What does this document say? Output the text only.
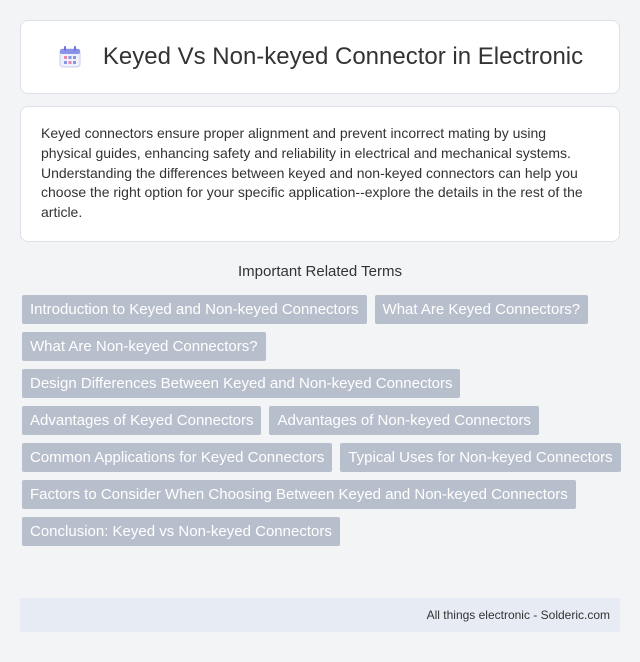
Keyed Vs Non-keyed Connector in Electronic

Keyed connectors ensure proper alignment and prevent incorrect mating by using physical guides, enhancing safety and reliability in electrical and mechanical systems. Understanding the differences between keyed and non-keyed connectors can help you choose the right option for your specific application--explore the details in the rest of the article.

Important Related Terms
Introduction to Keyed and Non-keyed Connectors	What Are Keyed Connectors?
What Are Non-keyed Connectors?
Design Differences Between Keyed and Non-keyed Connectors
Advantages of Keyed Connectors	Advantages of Non-keyed Connectors
Common Applications for Keyed Connectors	Typical Uses for Non-keyed Connectors
Factors to Consider When Choosing Between Keyed and Non-keyed Connectors
Conclusion: Keyed vs Non-keyed Connectors
All things electronic - Solderic.com
